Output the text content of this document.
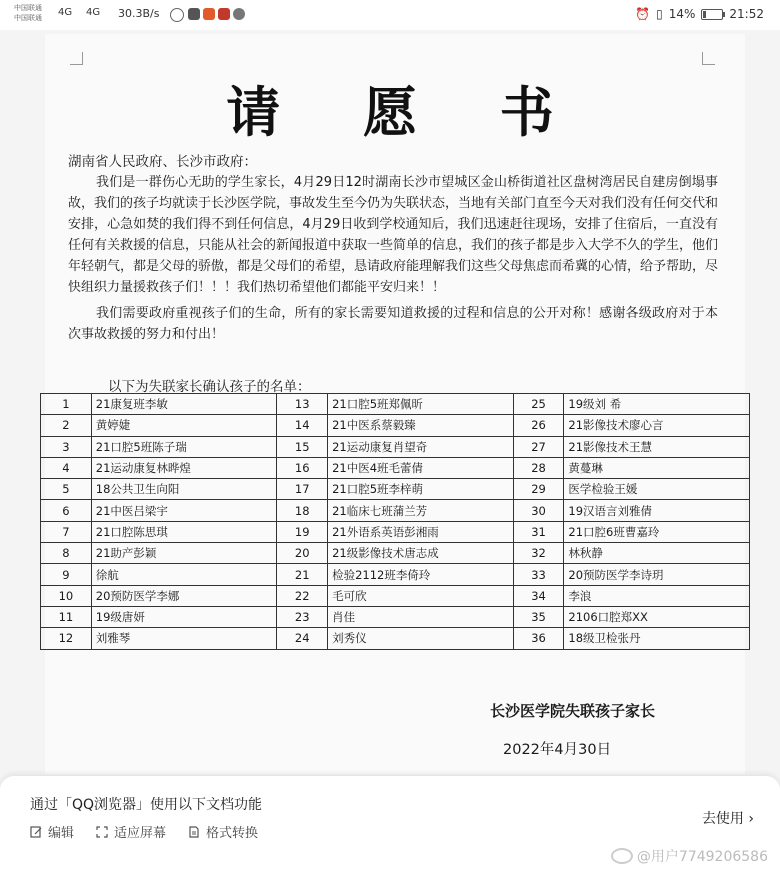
中国联通
中国联通 4G 4G 30.3B/s	⏰ ▯ 14%	21:52
请 愿 书
湖南省人民政府、长沙市政府：

我们是一群伤心无助的学生家长，4月29日12时湖南长沙市望城区金山桥街道社区盘树湾居民自建房倒塌事故，我们的孩子均就读于长沙医学院，事故发生至今仍为失联状态，当地有关部门直至今天对我们没有任何交代和安排，心急如焚的我们得不到任何信息，4月29日收到学校通知后，我们迅速赶往现场，安排了住宿后，一直没有任何有关救援的信息，只能从社会的新闻报道中获取一些简单的信息，我们的孩子都是步入大学不久的学生，他们年轻朝气，都是父母的骄傲，都是父母们的希望，恳请政府能理解我们这些父母焦虑而希冀的心情，给予帮助，尽快组织力量援救孩子们！！！我们热切希望他们都能平安归来！！

我们需要政府重视孩子们的生命，所有的家长需要知道救援的过程和信息的公开对称！感谢各级政府对于本次事故救援的努力和付出！

以下为失联家长确认孩子的名单：
1	21康复班李敏	13	21口腔5班郑佩昕	25	19级刘 希
2	黄婷婕	14	21中医系蔡毅臻	26	21影像技术廖心言
3	21口腔5班陈子瑞	15	21运动康复肖望奇	27	21影像技术王慧
4	21运动康复林晔煌	16	21中医4班毛蕾倩	28	黄蔓琳
5	18公共卫生向阳	17	21口腔5班李梓萌	29	医学检验王媛
6	21中医吕梁宇	18	21临床七班蒲兰芳	30	19汉语言刘雅倩
7	21口腔陈思琪	19	21外语系英语彭湘雨	31	21口腔6班曹嘉玲
8	21助产彭颖	20	21级影像技术唐志成	32	林秋静
9	徐航	21	检验2112班李倚玲	33	20预防医学李诗玥
10	20预防医学李娜	22	毛可欣	34	李浪
11	19级唐妍	23	肖佳	35	2106口腔郑XX
12	刘雅琴	24	刘秀仪	36	18级卫检张丹
长沙医学院失联孩子家长
2022年4月30日
通过「QQ浏览器」使用以下文档功能
编辑	适应屏幕	格式转换
去使用 ›
@用户7749206586
